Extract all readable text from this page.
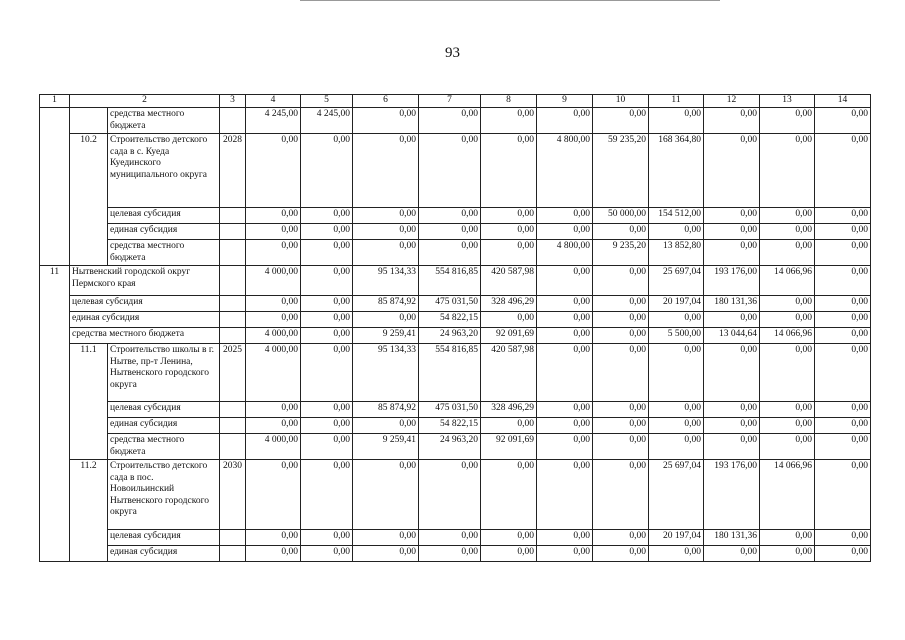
93
1	2		3	4	5	6	7	8	9	10	11	12	13	14
		средства местного бюджета		4 245,00	4 245,00	0,00	0,00	0,00	0,00	0,00	0,00	0,00	0,00	0,00
	10.2	Строительство детского сада в с. Куеда Куединского муниципального округа	2028	0,00	0,00	0,00	0,00	0,00	4 800,00	59 235,20	168 364,80	0,00	0,00	0,00
		целевая субсидия		0,00	0,00	0,00	0,00	0,00	0,00	50 000,00	154 512,00	0,00	0,00	0,00
		единая субсидия		0,00	0,00	0,00	0,00	0,00	0,00	0,00	0,00	0,00	0,00	0,00
		средства местного бюджета		0,00	0,00	0,00	0,00	0,00	4 800,00	9 235,20	13 852,80	0,00	0,00	0,00
11	Нытвенский городской округ Пермского края			4 000,00	0,00	95 134,33	554 816,85	420 587,98	0,00	0,00	25 697,04	193 176,00	14 066,96	0,00
	целевая субсидия			0,00	0,00	85 874,92	475 031,50	328 496,29	0,00	0,00	20 197,04	180 131,36	0,00	0,00
	единая субсидия			0,00	0,00	0,00	54 822,15	0,00	0,00	0,00	0,00	0,00	0,00	0,00
	средства местного бюджета			4 000,00	0,00	9 259,41	24 963,20	92 091,69	0,00	0,00	5 500,00	13 044,64	14 066,96	0,00
	11.1	Строительство школы в г. Нытве, пр-т Ленина, Нытвенского городского округа	2025	4 000,00	0,00	95 134,33	554 816,85	420 587,98	0,00	0,00	0,00	0,00	0,00	0,00
		целевая субсидия		0,00	0,00	85 874,92	475 031,50	328 496,29	0,00	0,00	0,00	0,00	0,00	0,00
		единая субсидия		0,00	0,00	0,00	54 822,15	0,00	0,00	0,00	0,00	0,00	0,00	0,00
		средства местного бюджета		4 000,00	0,00	9 259,41	24 963,20	92 091,69	0,00	0,00	0,00	0,00	0,00	0,00
	11.2	Строительство детского сада в пос. Новоильинский Нытвенского городского округа	2030	0,00	0,00	0,00	0,00	0,00	0,00	0,00	25 697,04	193 176,00	14 066,96	0,00
		целевая субсидия		0,00	0,00	0,00	0,00	0,00	0,00	0,00	20 197,04	180 131,36	0,00	0,00
		единая субсидия		0,00	0,00	0,00	0,00	0,00	0,00	0,00	0,00	0,00	0,00	0,00
